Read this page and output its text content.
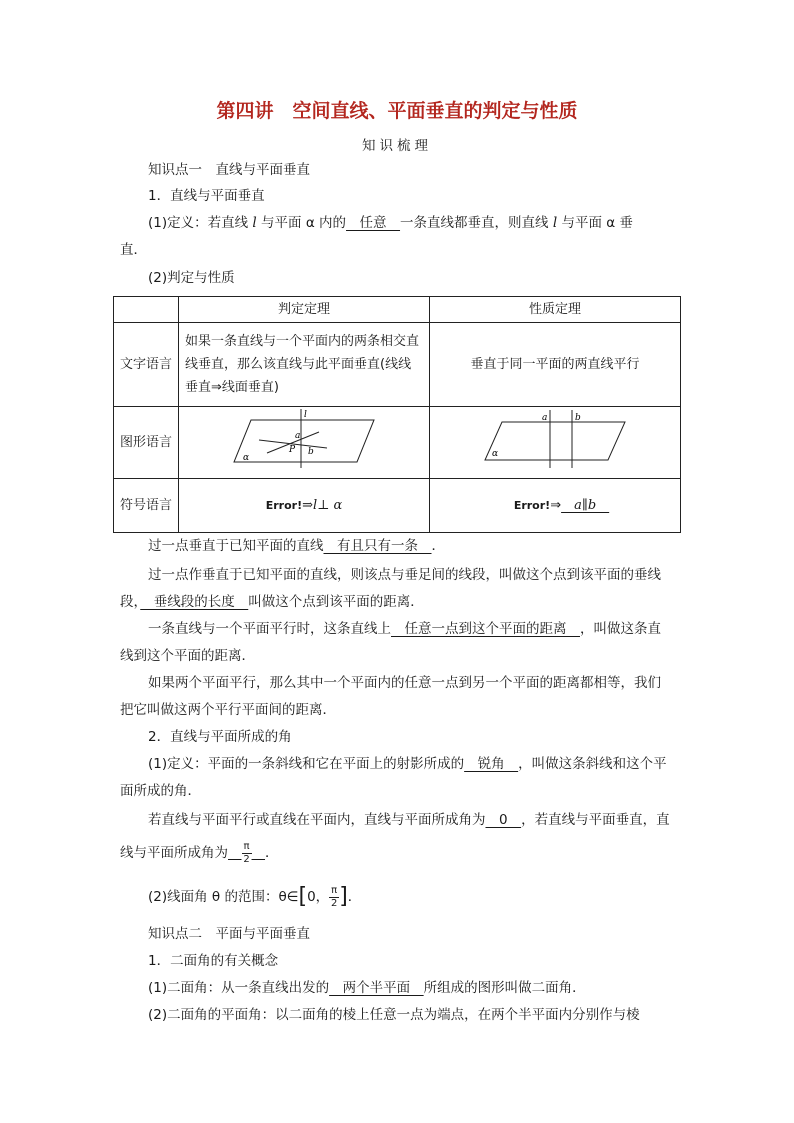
第四讲　空间直线、平面垂直的判定与性质
知识梳理
知识点一　直线与平面垂直
1．直线与平面垂直
(1)定义：若直线 l 与平面 α 内的　任意　一条直线都垂直，则直线 l 与平面 α 垂
直．
(2)判定与性质
	判定定理	性质定理
文字语言	如果一条直线与一个平面内的两条相交直线垂直，那么该直线与此平面垂直(线线垂直⇒线面垂直)	垂直于同一平面的两直线平行
图形语言	l
a
b
P
α	a b
α

符号语言	Error!⇒l⊥ α	Error!⇒　a∥b　
过一点垂直于已知平面的直线　有且只有一条　．
过一点作垂直于已知平面的直线，则该点与垂足间的线段，叫做这个点到该平面的垂线
段，　垂线段的长度　叫做这个点到该平面的距离．
一条直线与一个平面平行时，这条直线上　任意一点到这个平面的距离　，叫做这条直
线到这个平面的距离．
如果两个平面平行，那么其中一个平面内的任意一点到另一个平面的距离都相等，我们
把它叫做这两个平行平面间的距离．
2．直线与平面所成的角
(1)定义：平面的一条斜线和它在平面上的射影所成的　锐角　，叫做这条斜线和这个平
面所成的角．
若直线与平面平行或直线在平面内，直线与平面所成角为　0　，若直线与平面垂直，直
线与平面所成角为　 $\frac{\pi}{2}$
　 ．
(2)线面角 θ 的范围：θ∈[0， $\frac{\pi}{2}$ ]．
知识点二　平面与平面垂直
1．二面角的有关概念
(1)二面角：从一条直线出发的　两个半平面　所组成的图形叫做二面角．
(2)二面角的平面角：以二面角的棱上任意一点为端点，在两个半平面内分别作与棱
